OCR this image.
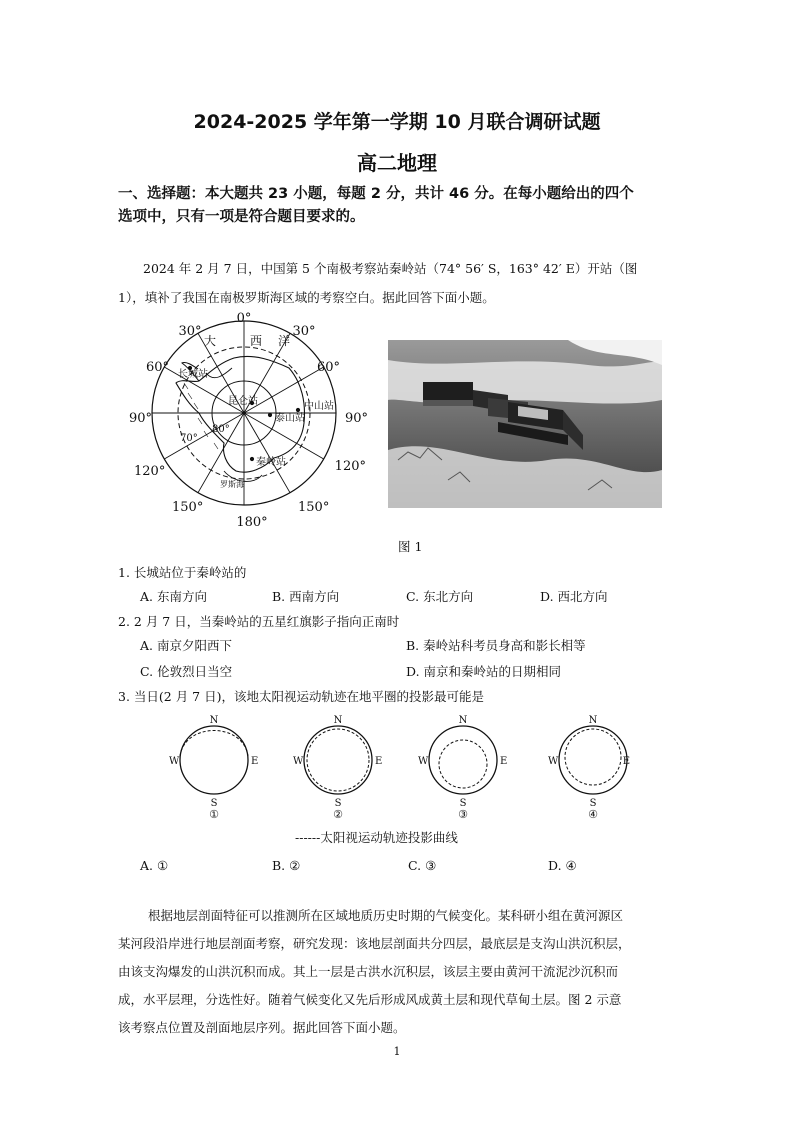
2024-2025 学年第一学期 10 月联合调研试题
高二地理
一、选择题：本大题共 23 小题，每题 2 分，共计 46 分。在每小题给出的四个
选项中，只有一项是符合题目要求的。
2024 年 2 月 7 日，中国第 5 个南极考察站秦岭站（74° 56′ S，163° 42′ E）开站（图
1），填补了我国在南极罗斯海区域的考察空白。据此回答下面小题。
0°
30°	30°
60°	60°
90°	90°
120°	120°
150°	150°
180°
70°
80°
大	西 洋
长城站
昆仑站	中山站
泰山站
秦岭站
罗斯海
图 1
1. 长城站位于秦岭站的
A. 东南方向	B. 西南方向	C. 东北方向	D. 西北方向
2. 2 月 7 日，当秦岭站的五星红旗影子指向正南时
A. 南京夕阳西下	B. 秦岭站科考员身高和影长相等
C. 伦敦烈日当空	D. 南京和秦岭站的日期相同
3. 当日(2 月 7 日)，该地太阳视运动轨迹在地平圈的投影最可能是
N
S
W	E
①
N
S
W	E
②
N
S
W	E
③
N
S
W	E
④
------太阳视运动轨迹投影曲线
A. ①	B. ②	C. ③	D. ④
根据地层剖面特征可以推测所在区域地质历史时期的气候变化。某科研小组在黄河源区
某河段沿岸进行地层剖面考察，研究发现：该地层剖面共分四层，最底层是支沟山洪沉积层，
由该支沟爆发的山洪沉积而成。其上一层是古洪水沉积层，该层主要由黄河干流泥沙沉积而
成，水平层理，分选性好。随着气候变化又先后形成风成黄土层和现代草甸土层。图 2 示意
该考察点位置及剖面地层序列。据此回答下面小题。
1
